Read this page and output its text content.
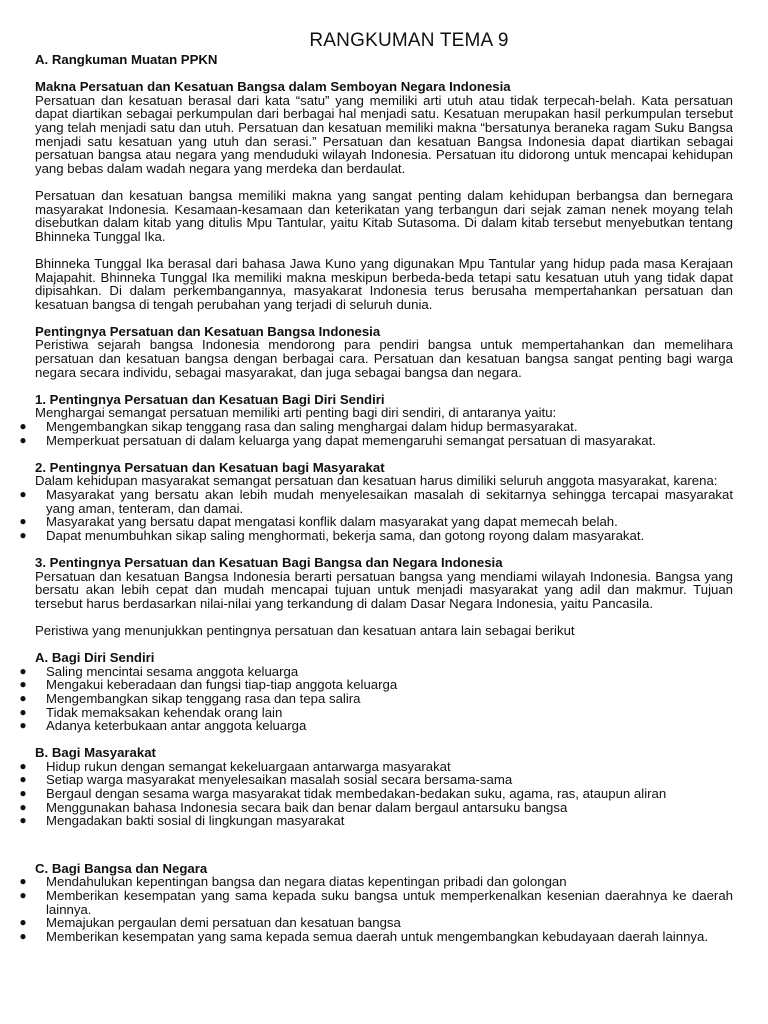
RANGKUMAN TEMA 9
A. Rangkuman Muatan PPKN
Makna Persatuan dan Kesatuan Bangsa dalam Semboyan Negara Indonesia

Persatuan dan kesatuan berasal dari kata “satu” yang memiliki arti utuh atau tidak terpecah-belah. Kata persatuan dapat diartikan sebagai perkumpulan dari berbagai hal menjadi satu. Kesatuan merupakan hasil perkumpulan tersebut yang telah menjadi satu dan utuh. Persatuan dan kesatuan memiliki makna “bersatunya beraneka ragam Suku Bangsa menjadi satu kesatuan yang utuh dan serasi.” Persatuan dan kesatuan Bangsa Indonesia dapat diartikan sebagai persatuan bangsa atau negara yang menduduki wilayah Indonesia. Persatuan itu didorong untuk mencapai kehidupan yang bebas dalam wadah negara yang merdeka dan berdaulat.

Persatuan dan kesatuan bangsa memiliki makna yang sangat penting dalam kehidupan berbangsa dan bernegara masyarakat Indonesia. Kesamaan-kesamaan dan keterikatan yang terbangun dari sejak zaman nenek moyang telah disebutkan dalam kitab yang ditulis Mpu Tantular, yaitu Kitab Sutasoma. Di dalam kitab tersebut menyebutkan tentang Bhinneka Tunggal Ika.

Bhinneka Tunggal Ika berasal dari bahasa Jawa Kuno yang digunakan Mpu Tantular yang hidup pada masa Kerajaan Majapahit. Bhinneka Tunggal Ika memiliki makna meskipun berbeda-beda tetapi satu kesatuan utuh yang tidak dapat dipisahkan. Di dalam perkembangannya, masyakarat Indonesia terus berusaha mempertahankan persatuan dan kesatuan bangsa di tengah perubahan yang terjadi di seluruh dunia.

Pentingnya Persatuan dan Kesatuan Bangsa Indonesia

Peristiwa sejarah bangsa Indonesia mendorong para pendiri bangsa untuk mempertahankan dan memelihara persatuan dan kesatuan bangsa dengan berbagai cara. Persatuan dan kesatuan bangsa sangat penting bagi warga negara secara individu, sebagai masyarakat, dan juga sebagai bangsa dan negara.

1. Pentingnya Persatuan dan Kesatuan Bagi Diri Sendiri

Menghargai semangat persatuan memiliki arti penting bagi diri sendiri, di antaranya yaitu:

● Mengembangkan sikap tenggang rasa dan saling menghargai dalam hidup bermasyarakat.
● Memperkuat persatuan di dalam keluarga yang dapat memengaruhi semangat persatuan di masyarakat.
2. Pentingnya Persatuan dan Kesatuan bagi Masyarakat

Dalam kehidupan masyarakat semangat persatuan dan kesatuan harus dimiliki seluruh anggota masyarakat, karena:

● Masyarakat yang bersatu akan lebih mudah menyelesaikan masalah di sekitarnya sehingga tercapai masyarakat yang aman, tenteram, dan damai.
● Masyarakat yang bersatu dapat mengatasi konflik dalam masyarakat yang dapat memecah belah.
● Dapat menumbuhkan sikap saling menghormati, bekerja sama, dan gotong royong dalam masyarakat.
3. Pentingnya Persatuan dan Kesatuan Bagi Bangsa dan Negara Indonesia

Persatuan dan kesatuan Bangsa Indonesia berarti persatuan bangsa yang mendiami wilayah Indonesia. Bangsa yang bersatu akan lebih cepat dan mudah mencapai tujuan untuk menjadi masyarakat yang adil dan makmur. Tujuan tersebut harus berdasarkan nilai-nilai yang terkandung di dalam Dasar Negara Indonesia, yaitu Pancasila.

Peristiwa yang menunjukkan pentingnya persatuan dan kesatuan antara lain sebagai berikut

A. Bagi Diri Sendiri
● Saling mencintai sesama anggota keluarga
● Mengakui keberadaan dan fungsi tiap-tiap anggota keluarga
● Mengembangkan sikap tenggang rasa dan tepa salira
● Tidak memaksakan kehendak orang lain
● Adanya keterbukaan antar anggota keluarga
B. Bagi Masyarakat
● Hidup rukun dengan semangat kekeluargaan antarwarga masyarakat
● Setiap warga masyarakat menyelesaikan masalah sosial secara bersama-sama
● Bergaul dengan sesama warga masyarakat tidak membedakan-bedakan suku, agama, ras, ataupun aliran
● Menggunakan bahasa Indonesia secara baik dan benar dalam bergaul antarsuku bangsa
● Mengadakan bakti sosial di lingkungan masyarakat
C. Bagi Bangsa dan Negara
● Mendahulukan kepentingan bangsa dan negara diatas kepentingan pribadi dan golongan
● Memberikan kesempatan yang sama kepada suku bangsa untuk memperkenalkan kesenian daerahnya ke daerah lainnya.
● Memajukan pergaulan demi persatuan dan kesatuan bangsa
● Memberikan kesempatan yang sama kepada semua daerah untuk mengembangkan kebudayaan daerah lainnya.
